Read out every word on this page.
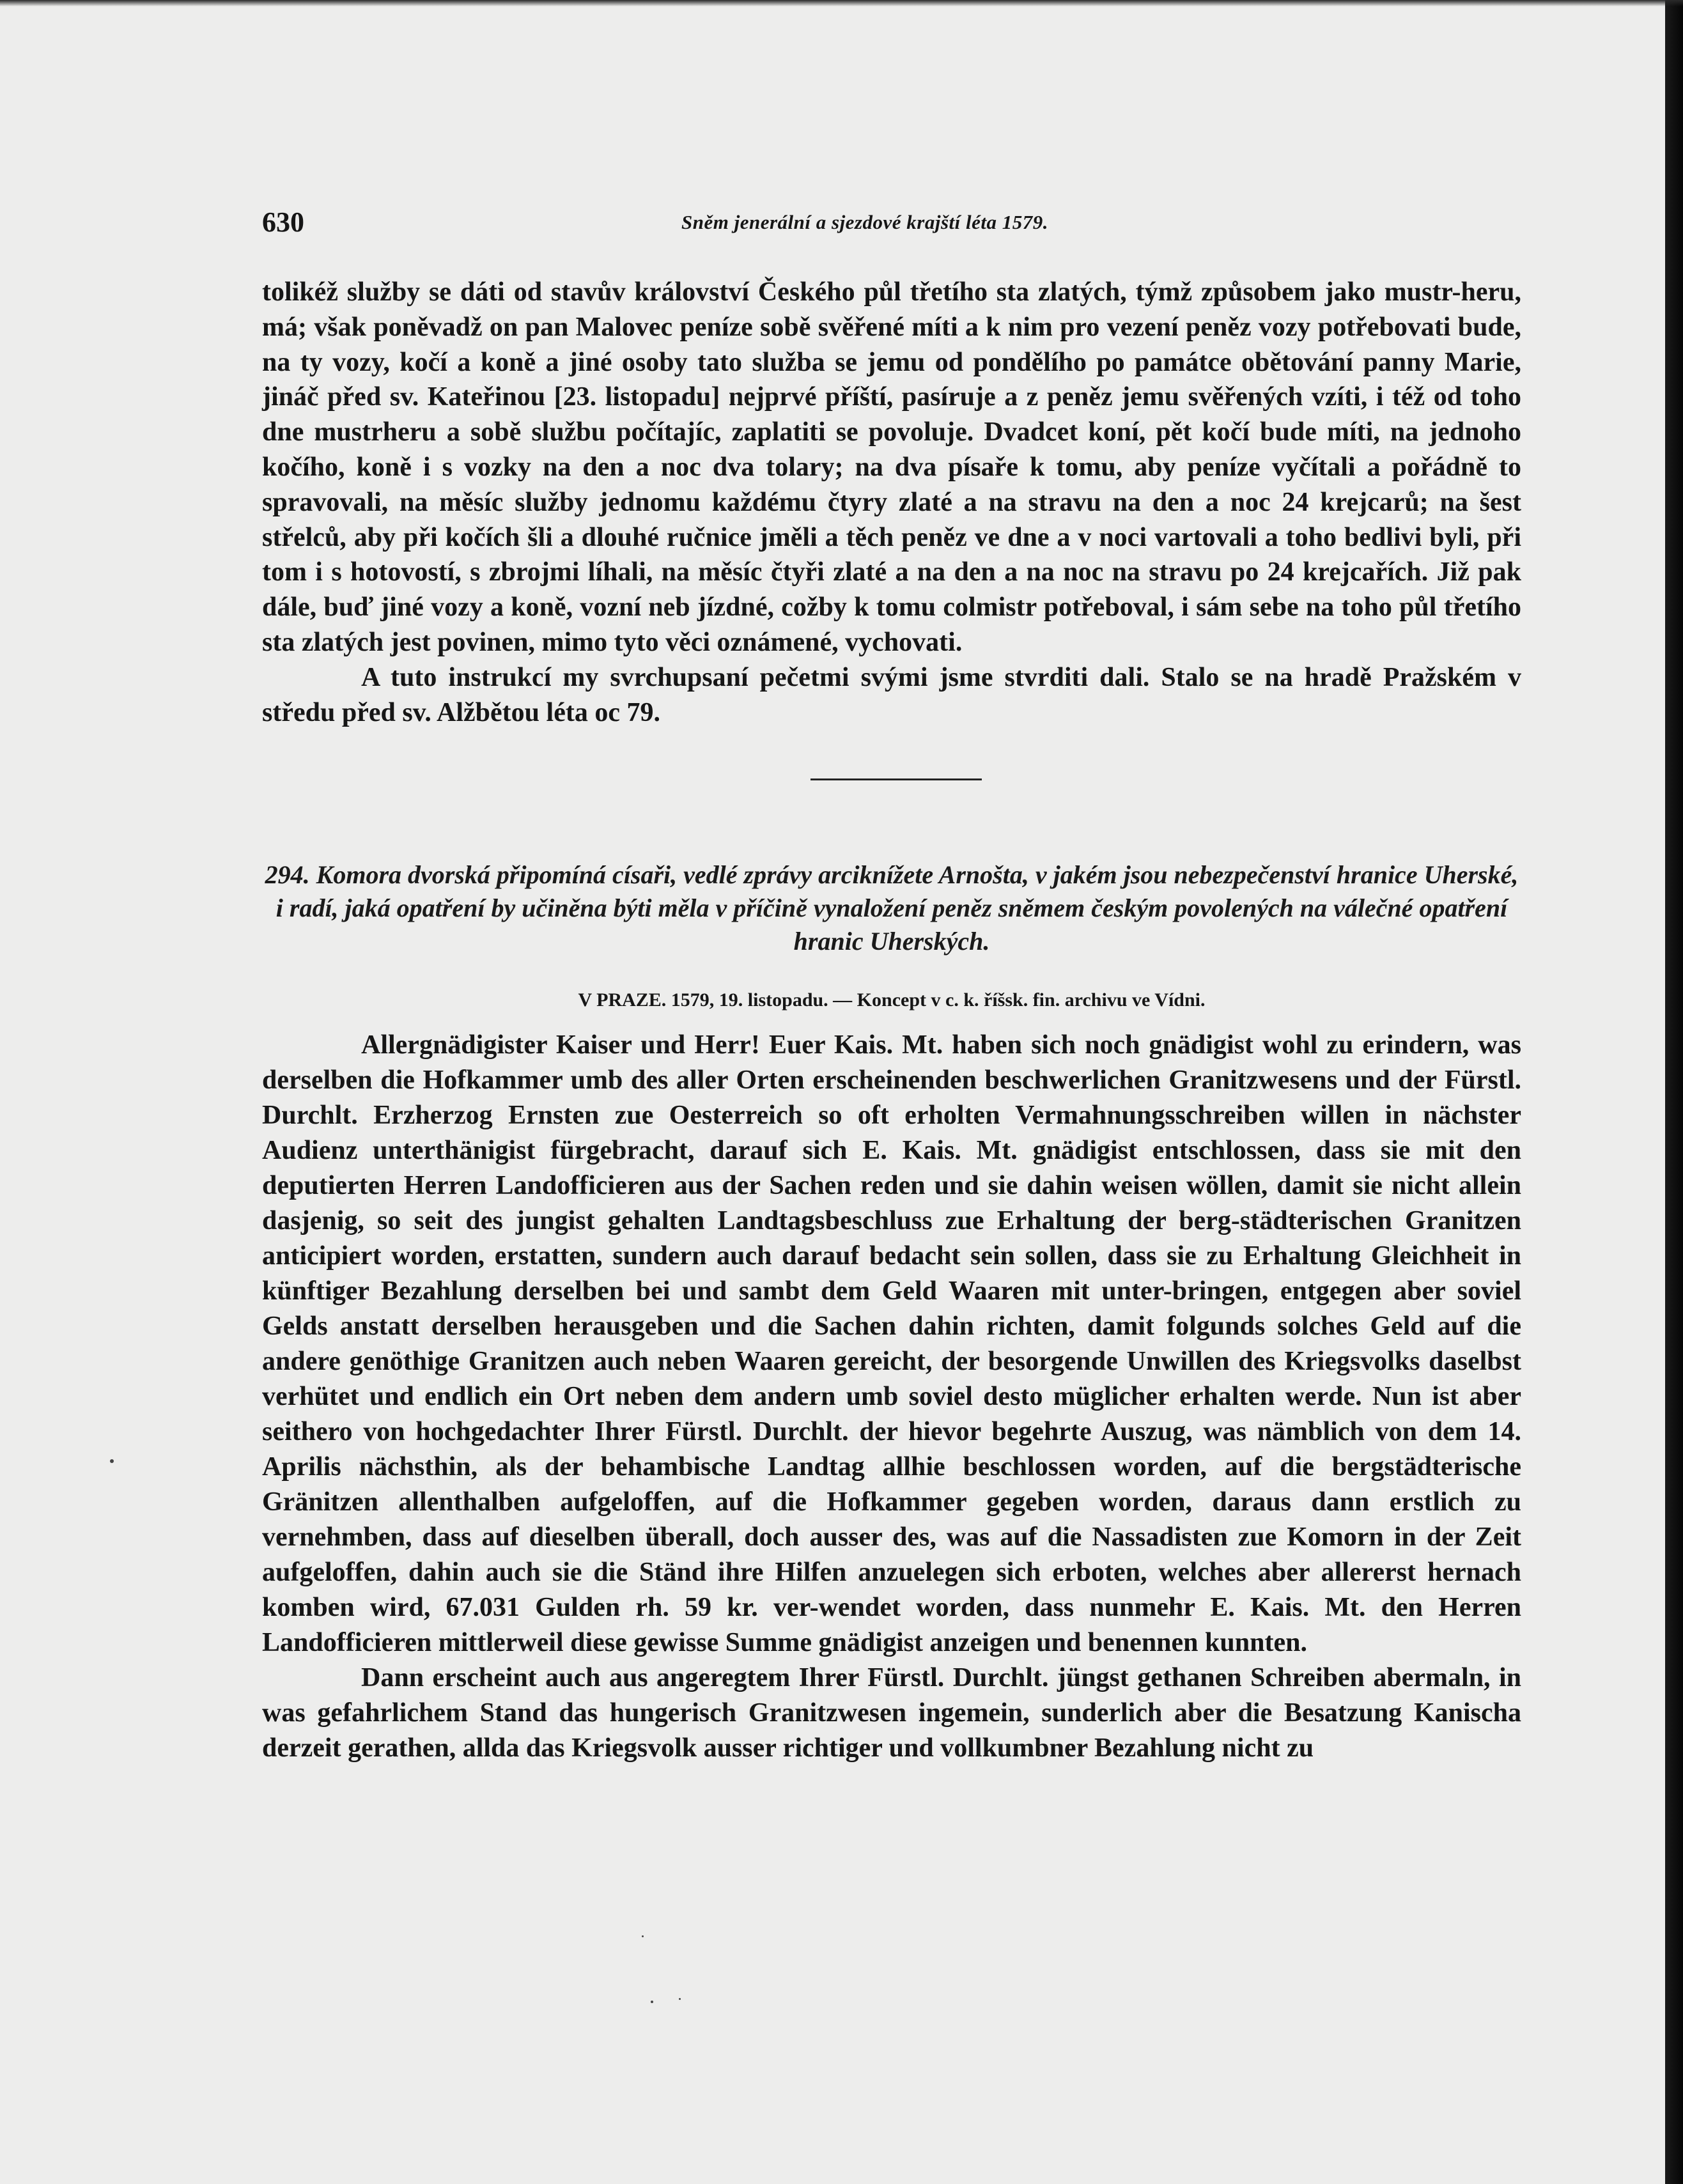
630	Sněm jenerální a sjezdové krajští léta 1579.

tolikéž služby se dáti od stavův království Českého půl třetího sta zlatých, týmž způsobem jako mustr-heru, má; však poněvadž on pan Malovec peníze sobě svěřené míti a k nim pro vezení peněz vozy potřebovati bude, na ty vozy, kočí a koně a jiné osoby tato služba se jemu od pondělího po památce obětování panny Marie, jináč před sv. Kateřinou [23. listopadu] nejprvé příští, pasíruje a z peněz jemu svěřených vzíti, i též od toho dne mustrheru a sobě službu počítajíc, zaplatiti se povoluje. Dvadcet koní, pět kočí bude míti, na jednoho kočího, koně i s vozky na den a noc dva tolary; na dva písaře k tomu, aby peníze vyčítali a pořádně to spravovali, na měsíc služby jednomu každému čtyry zlaté a na stravu na den a noc 24 krejcarů; na šest střelců, aby při kočích šli a dlouhé ručnice jměli a těch peněz ve dne a v noci vartovali a toho bedlivi byli, při tom i s hotovostí, s zbrojmi líhali, na měsíc čtyři zlaté a na den a na noc na stravu po 24 krejcařích. Již pak dále, buď jiné vozy a koně, vozní neb jízdné, cožby k tomu colmistr potřeboval, i sám sebe na toho půl třetího sta zlatých jest povinen, mimo tyto věci oznámené, vychovati.

A tuto instrukcí my svrchupsaní pečetmi svými jsme stvrditi dali. Stalo se na hradě Pražském v středu před sv. Alžbětou léta oc 79.

294. Komora dvorská připomíná císaři, vedlé zprávy arciknížete Arnošta, v jakém jsou nebezpečenství hranice Uherské, i radí, jaká opatření by učiněna býti měla v příčině vynaložení peněz sněmem českým povolených na válečné opatření hranic Uherských.
V PRAZE. 1579, 19. listopadu. — Koncept v c. k. říšsk. fin. archivu ve Vídni.

Allergnädigister Kaiser und Herr! Euer Kais. Mt. haben sich noch gnädigist wohl zu erindern, was derselben die Hofkammer umb des aller Orten erscheinenden beschwerlichen Granitzwesens und der Fürstl. Durchlt. Erzherzog Ernsten zue Oesterreich so oft erholten Vermahnungsschreiben willen in nächster Audienz unterthänigist fürgebracht, darauf sich E. Kais. Mt. gnädigist entschlossen, dass sie mit den deputierten Herren Landofficieren aus der Sachen reden und sie dahin weisen wöllen, damit sie nicht allein dasjenig, so seit des jungist gehalten Landtagsbeschluss zue Erhaltung der berg-städterischen Granitzen anticipiert worden, erstatten, sundern auch darauf bedacht sein sollen, dass sie zu Erhaltung Gleichheit in künftiger Bezahlung derselben bei und sambt dem Geld Waaren mit unter-bringen, entgegen aber soviel Gelds anstatt derselben herausgeben und die Sachen dahin richten, damit folgunds solches Geld auf die andere genöthige Granitzen auch neben Waaren gereicht, der besorgende Unwillen des Kriegsvolks daselbst verhütet und endlich ein Ort neben dem andern umb soviel desto müglicher erhalten werde. Nun ist aber seithero von hochgedachter Ihrer Fürstl. Durchlt. der hievor begehrte Auszug, was nämblich von dem 14. Aprilis nächsthin, als der behambische Landtag allhie beschlossen worden, auf die bergstädterische Gränitzen allenthalben aufgeloffen, auf die Hofkammer gegeben worden, daraus dann erstlich zu vernehmben, dass auf dieselben überall, doch ausser des, was auf die Nassadisten zue Komorn in der Zeit aufgeloffen, dahin auch sie die Ständ ihre Hilfen anzuelegen sich erboten, welches aber allererst hernach komben wird, 67.031 Gulden rh. 59 kr. ver-wendet worden, dass nunmehr E. Kais. Mt. den Herren Landofficieren mittlerweil diese gewisse Summe gnädigist anzeigen und benennen kunnten.

Dann erscheint auch aus angeregtem Ihrer Fürstl. Durchlt. jüngst gethanen Schreiben abermaln, in was gefahrlichem Stand das hungerisch Granitzwesen ingemein, sunderlich aber die Besatzung Kanischa derzeit gerathen, allda das Kriegsvolk ausser richtiger und vollkumbner Bezahlung nicht zu
